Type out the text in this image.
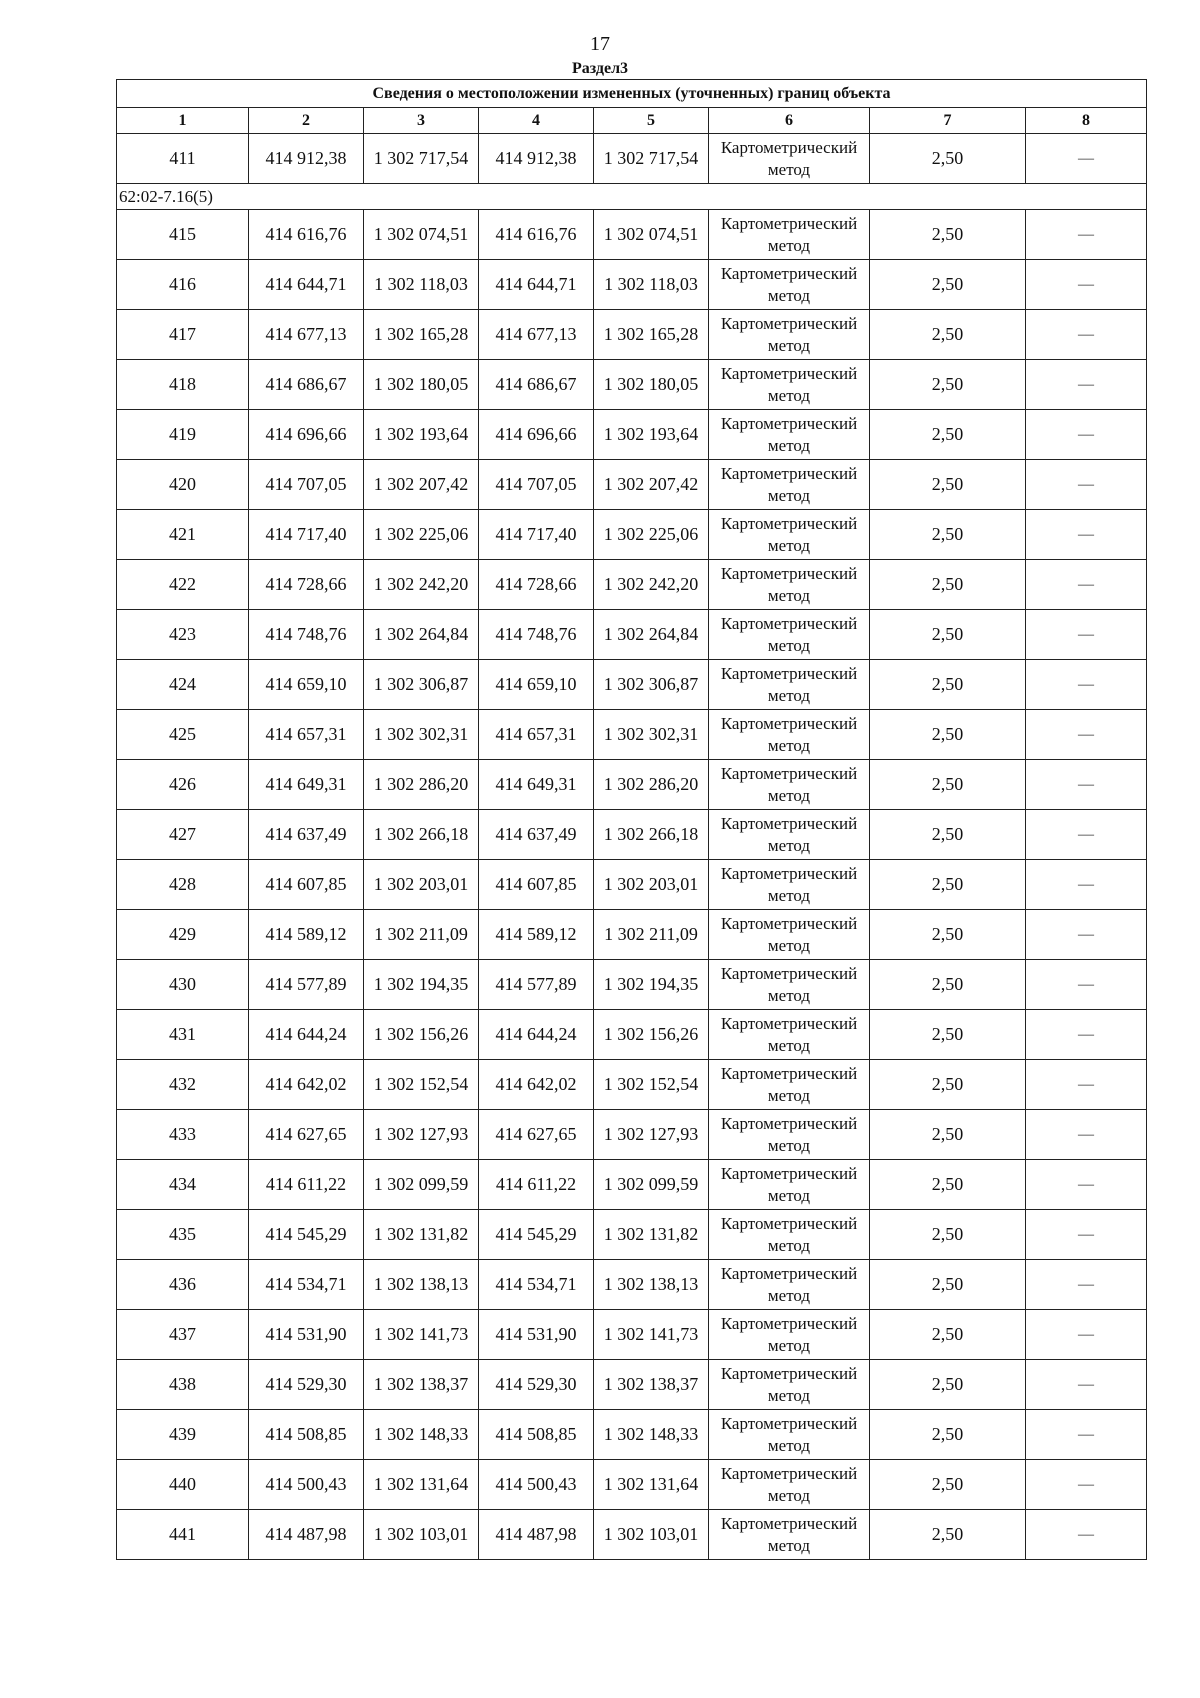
17
Раздел3
Сведения о местоположении измененных (уточненных) границ объекта							
1	2	3	4	5	6	7	8
411	414 912,38	1 302 717,54	414 912,38	1 302 717,54	Картометрический метод	2,50	—
62:02-7.16(5)							
415	414 616,76	1 302 074,51	414 616,76	1 302 074,51	Картометрический метод	2,50	—
416	414 644,71	1 302 118,03	414 644,71	1 302 118,03	Картометрический метод	2,50	—
417	414 677,13	1 302 165,28	414 677,13	1 302 165,28	Картометрический метод	2,50	—
418	414 686,67	1 302 180,05	414 686,67	1 302 180,05	Картометрический метод	2,50	—
419	414 696,66	1 302 193,64	414 696,66	1 302 193,64	Картометрический метод	2,50	—
420	414 707,05	1 302 207,42	414 707,05	1 302 207,42	Картометрический метод	2,50	—
421	414 717,40	1 302 225,06	414 717,40	1 302 225,06	Картометрический метод	2,50	—
422	414 728,66	1 302 242,20	414 728,66	1 302 242,20	Картометрический метод	2,50	—
423	414 748,76	1 302 264,84	414 748,76	1 302 264,84	Картометрический метод	2,50	—
424	414 659,10	1 302 306,87	414 659,10	1 302 306,87	Картометрический метод	2,50	—
425	414 657,31	1 302 302,31	414 657,31	1 302 302,31	Картометрический метод	2,50	—
426	414 649,31	1 302 286,20	414 649,31	1 302 286,20	Картометрический метод	2,50	—
427	414 637,49	1 302 266,18	414 637,49	1 302 266,18	Картометрический метод	2,50	—
428	414 607,85	1 302 203,01	414 607,85	1 302 203,01	Картометрический метод	2,50	—
429	414 589,12	1 302 211,09	414 589,12	1 302 211,09	Картометрический метод	2,50	—
430	414 577,89	1 302 194,35	414 577,89	1 302 194,35	Картометрический метод	2,50	—
431	414 644,24	1 302 156,26	414 644,24	1 302 156,26	Картометрический метод	2,50	—
432	414 642,02	1 302 152,54	414 642,02	1 302 152,54	Картометрический метод	2,50	—
433	414 627,65	1 302 127,93	414 627,65	1 302 127,93	Картометрический метод	2,50	—
434	414 611,22	1 302 099,59	414 611,22	1 302 099,59	Картометрический метод	2,50	—
435	414 545,29	1 302 131,82	414 545,29	1 302 131,82	Картометрический метод	2,50	—
436	414 534,71	1 302 138,13	414 534,71	1 302 138,13	Картометрический метод	2,50	—
437	414 531,90	1 302 141,73	414 531,90	1 302 141,73	Картометрический метод	2,50	—
438	414 529,30	1 302 138,37	414 529,30	1 302 138,37	Картометрический метод	2,50	—
439	414 508,85	1 302 148,33	414 508,85	1 302 148,33	Картометрический метод	2,50	—
440	414 500,43	1 302 131,64	414 500,43	1 302 131,64	Картометрический метод	2,50	—
441	414 487,98	1 302 103,01	414 487,98	1 302 103,01	Картометрический метод	2,50	—
